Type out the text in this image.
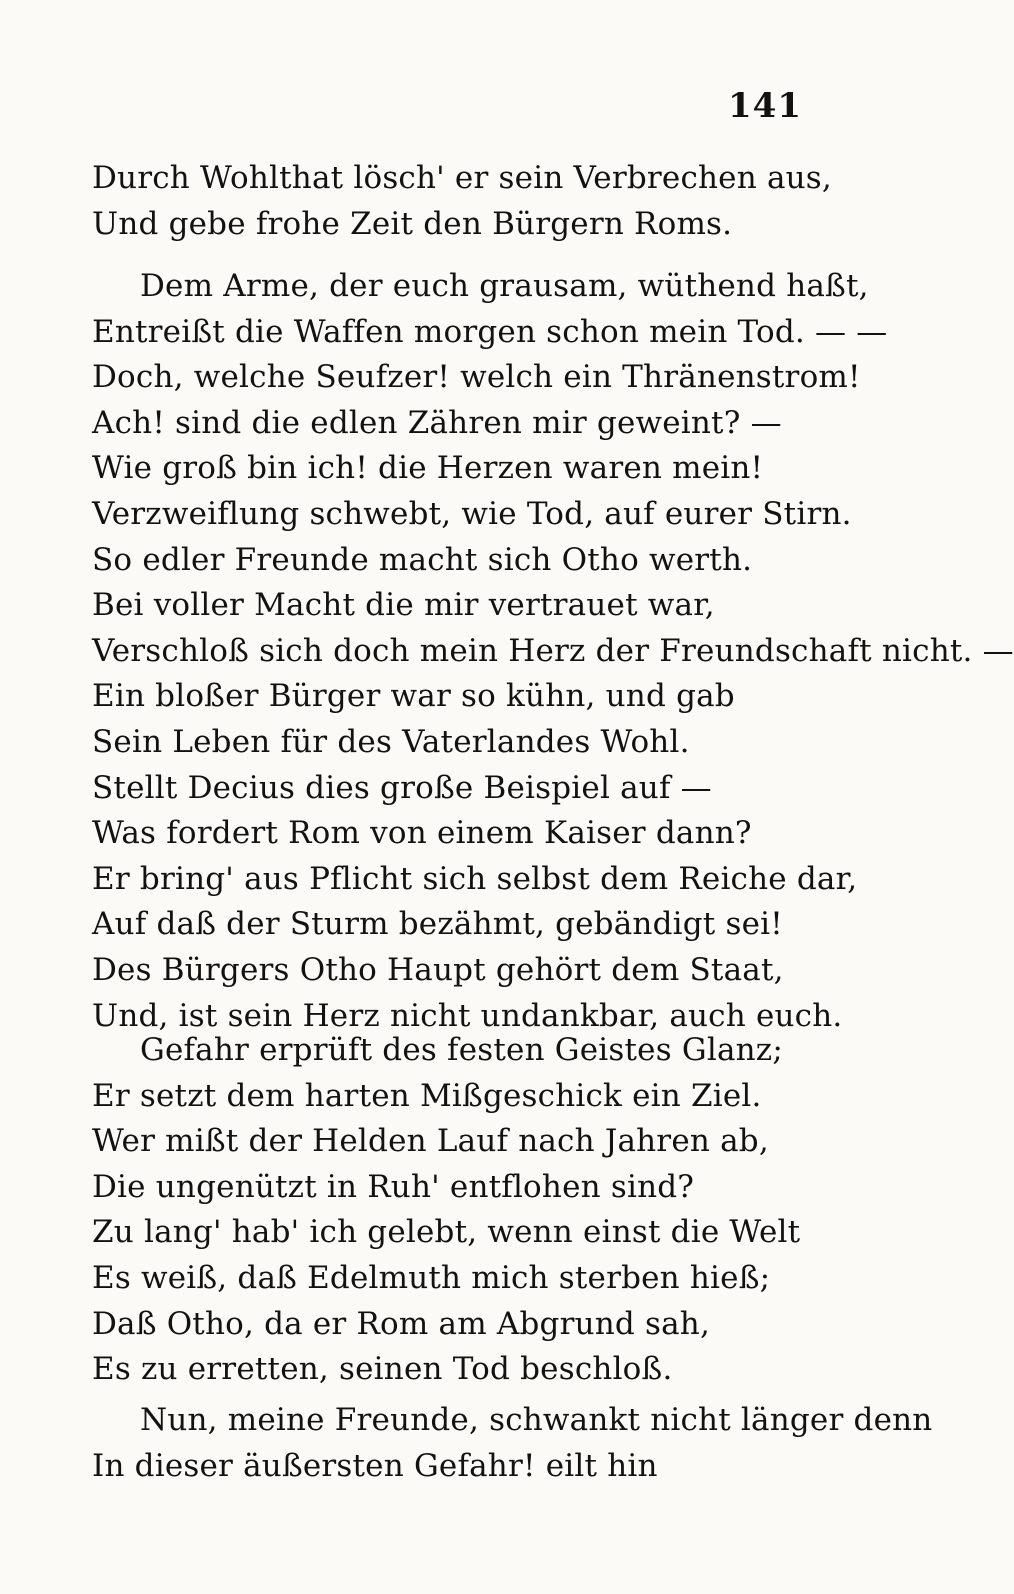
141
Durch Wohlthat lösch' er sein Verbrechen aus,
Und gebe frohe Zeit den Bürgern Roms.
Dem Arme, der euch grausam, wüthend haßt,
Entreißt die Waffen morgen schon mein Tod. — —
Doch, welche Seufzer! welch ein Thränenstrom!
Ach! sind die edlen Zähren mir geweint? —
Wie groß bin ich! die Herzen waren mein!
Verzweiflung schwebt, wie Tod, auf eurer Stirn.
So edler Freunde macht sich Otho werth.
Bei voller Macht die mir vertrauet war,
Verschloß sich doch mein Herz der Freundschaft nicht. —
Ein bloßer Bürger war so kühn, und gab
Sein Leben für des Vaterlandes Wohl.
Stellt Decius dies große Beispiel auf —
Was fordert Rom von einem Kaiser dann?
Er bring' aus Pflicht sich selbst dem Reiche dar,
Auf daß der Sturm bezähmt, gebändigt sei!
Des Bürgers Otho Haupt gehört dem Staat,
Und, ist sein Herz nicht undankbar, auch euch.
Gefahr erprüft des festen Geistes Glanz;
Er setzt dem harten Mißgeschick ein Ziel.
Wer mißt der Helden Lauf nach Jahren ab,
Die ungenützt in Ruh' entflohen sind?
Zu lang' hab' ich gelebt, wenn einst die Welt
Es weiß, daß Edelmuth mich sterben hieß;
Daß Otho, da er Rom am Abgrund sah,
Es zu erretten, seinen Tod beschloß.
Nun, meine Freunde, schwankt nicht länger denn
In dieser äußersten Gefahr! eilt hin
